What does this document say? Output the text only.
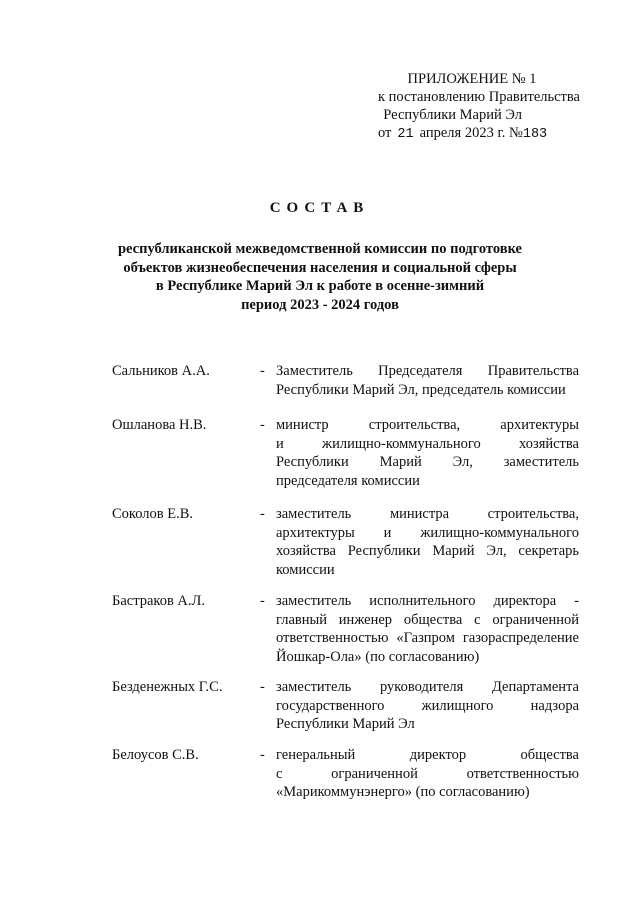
ПРИЛОЖЕНИЕ № 1
к постановлению Правительства
Республики Марий Эл
от 21 апреля 2023 г. №183
СОСТАВ
республиканской межведомственной комиссии по подготовке
объектов жизнеобеспечения населения и социальной сферы
в Республике Марий Эл к работе в осенне-зимний
период 2023 - 2024 годов
Сальников А.А.	- Заместитель Председателя Правительства
Республики Марий Эл, председатель комиссии
Ошланова Н.В.	- министр строительства, архитектуры
и жилищно-коммунального хозяйства
Республики Марий Эл, заместитель
председателя комиссии
Соколов Е.В.	- заместитель министра строительства,
архитектуры и жилищно-коммунального
хозяйства Республики Марий Эл, секретарь
комиссии
Бастраков А.Л.	- заместитель исполнительного директора -
главный инженер общества с ограниченной
ответственностью «Газпром газораспределение
Йошкар-Ола» (по согласованию)
Безденежных Г.С.	- заместитель руководителя Департамента
государственного жилищного надзора
Республики Марий Эл
Белоусов С.В.	- генеральный директор общества
с ограниченной ответственностью
«Марикоммунэнерго» (по согласованию)
